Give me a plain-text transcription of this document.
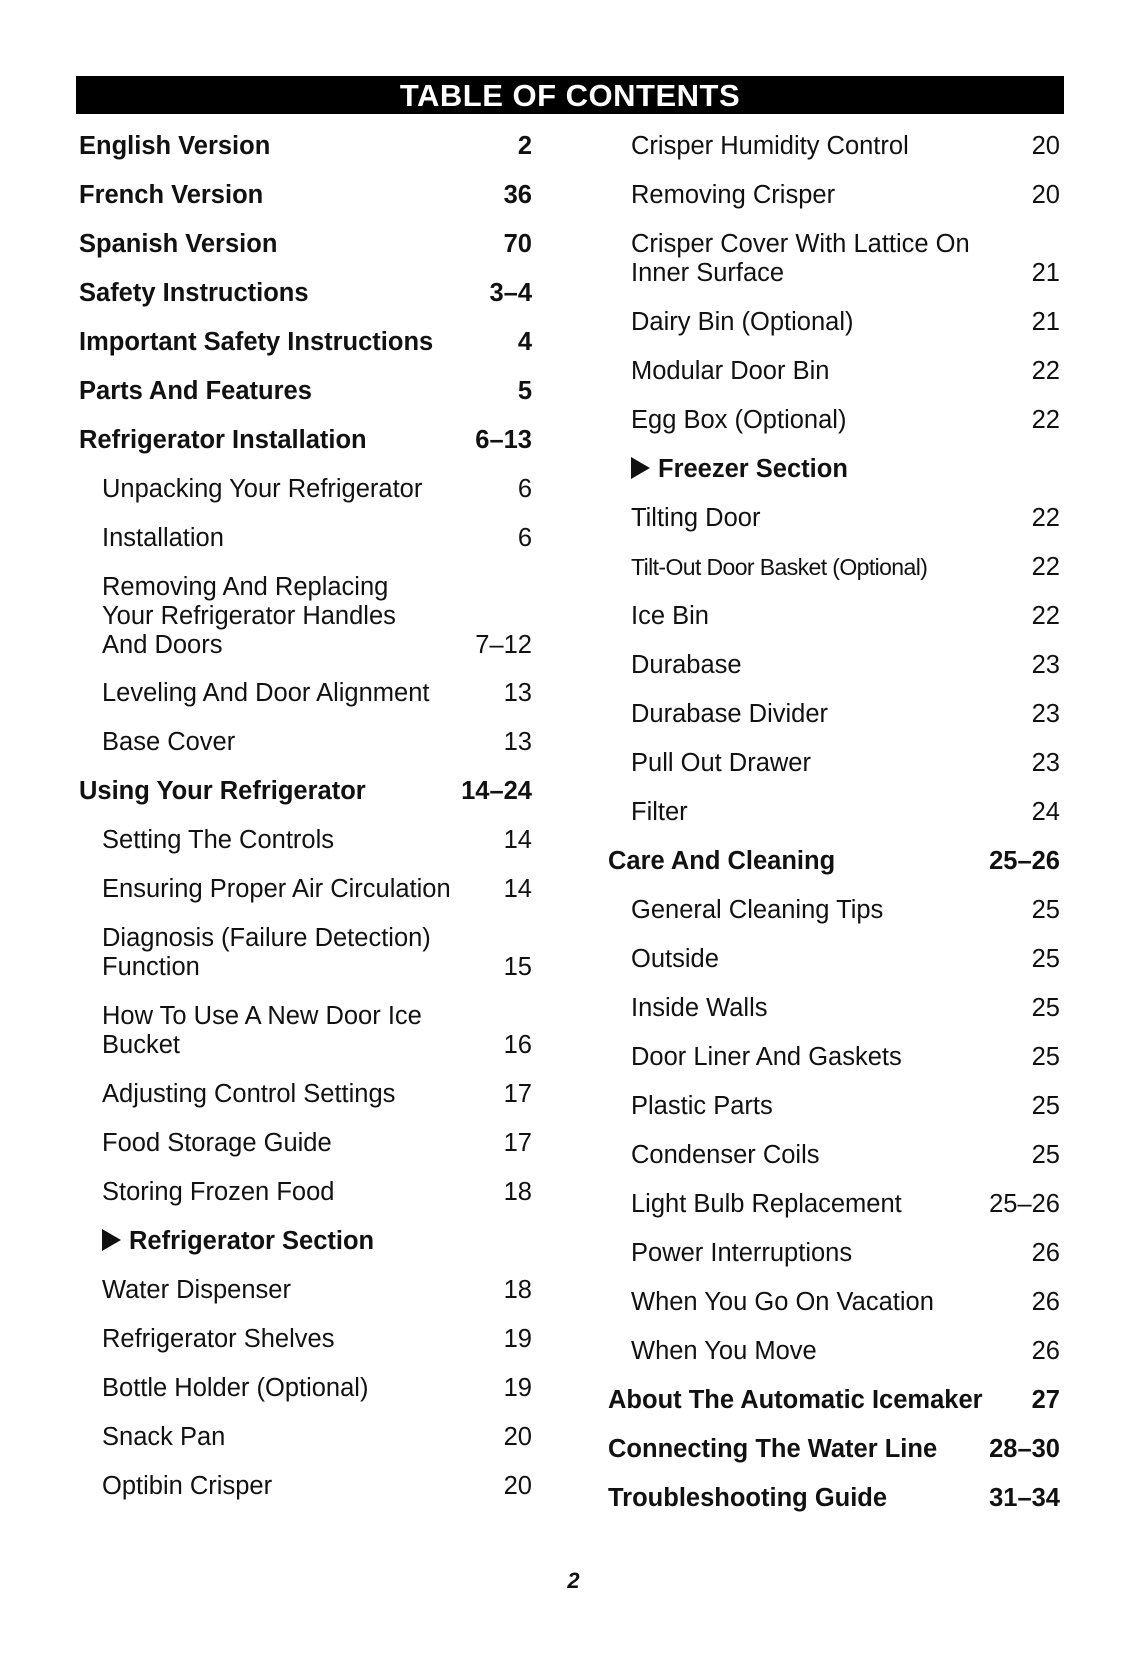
TABLE OF CONTENTS
English Version	2
French Version	36
Spanish Version	70
Safety Instructions	3–4
Important Safety Instructions	4
Parts And Features	5
Refrigerator Installation	6–13
Unpacking Your Refrigerator	6
Installation	6
Removing And Replacing Your Refrigerator Handles And Doors	7–12
Leveling And Door Alignment	13
Base Cover	13
Using Your Refrigerator	14–24
Setting The Controls	14
Ensuring Proper Air Circulation	14
Diagnosis (Failure Detection) Function	15
How To Use A New Door Ice Bucket	16
Adjusting Control Settings	17
Food Storage Guide	17
Storing Frozen Food	18
Refrigerator Section
Water Dispenser	18
Refrigerator Shelves	19
Bottle Holder (Optional)	19
Snack Pan	20
Optibin Crisper	20
Crisper Humidity Control	20
Removing Crisper	20
Crisper Cover With Lattice On Inner Surface	21
Dairy Bin (Optional)	21
Modular Door Bin	22
Egg Box (Optional)	22
Freezer Section
Tilting Door	22
Tilt-Out Door Basket (Optional)	22
Ice Bin	22
Durabase	23
Durabase Divider	23
Pull Out Drawer	23
Filter	24
Care And Cleaning	25–26
General Cleaning Tips	25
Outside	25
Inside Walls	25
Door Liner And Gaskets	25
Plastic Parts	25
Condenser Coils	25
Light Bulb Replacement	25–26
Power Interruptions	26
When You Go On Vacation	26
When You Move	26
About The Automatic Icemaker	27
Connecting The Water Line	28–30
Troubleshooting Guide	31–34
2
